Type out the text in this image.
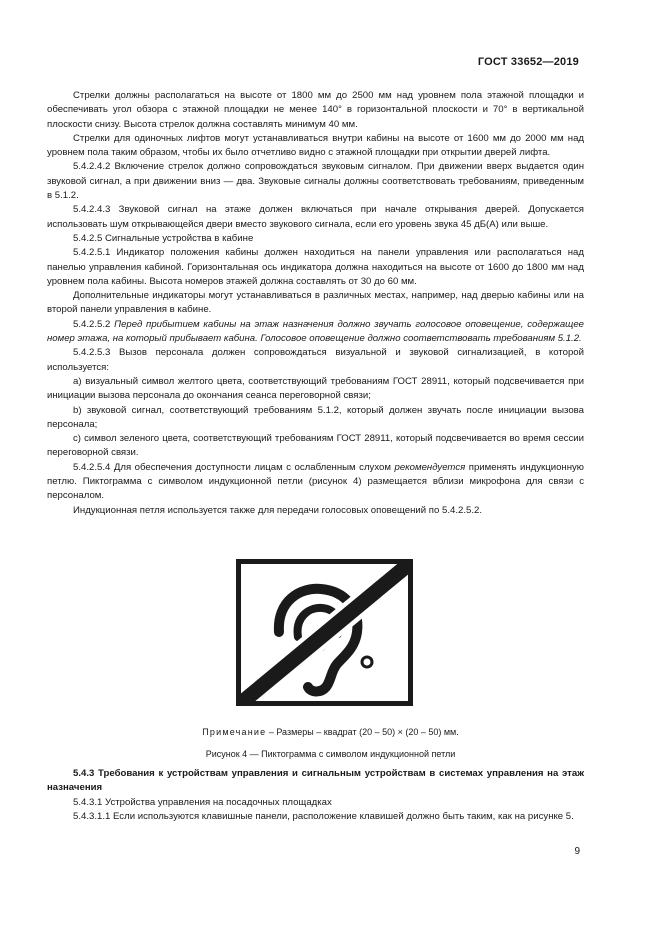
ГОСТ 33652—2019

Стрелки должны располагаться на высоте от 1800 мм до 2500 мм над уровнем пола этажной площадки и обеспечивать угол обзора с этажной площадки не менее 140° в горизонтальной плоскости и 70° в вертикальной плоскости снизу. Высота стрелок должна составлять минимум 40 мм.

Стрелки для одиночных лифтов могут устанавливаться внутри кабины на высоте от 1600 мм до 2000 мм над уровнем пола таким образом, чтобы их было отчетливо видно с этажной площадки при открытии дверей лифта.

5.4.2.4.2 Включение стрелок должно сопровождаться звуковым сигналом. При движении вверх выдается один звуковой сигнал, а при движении вниз — два. Звуковые сигналы должны соответствовать требованиям, приведенным в 5.1.2.

5.4.2.4.3 Звуковой сигнал на этаже должен включаться при начале открывания дверей. Допускается использовать шум открывающейся двери вместо звукового сигнала, если его уровень звука 45 дБ(А) или выше.

5.4.2.5 Сигнальные устройства в кабине

5.4.2.5.1 Индикатор положения кабины должен находиться на панели управления или располагаться над панелью управления кабиной. Горизонтальная ось индикатора должна находиться на высоте от 1600 до 1800 мм над уровнем пола кабины. Высота номеров этажей должна составлять от 30 до 60 мм.

Дополнительные индикаторы могут устанавливаться в различных местах, например, над дверью кабины или на второй панели управления в кабине.

5.4.2.5.2 Перед прибытием кабины на этаж назначения должно звучать голосовое оповещение, содержащее номер этажа, на который прибывает кабина. Голосовое оповещение должно соответствовать требованиям 5.1.2.

5.4.2.5.3 Вызов персонала должен сопровождаться визуальной и звуковой сигнализацией, в которой используется:

а) визуальный символ желтого цвета, соответствующий требованиям ГОСТ 28911, который подсвечивается при инициации вызова персонала до окончания сеанса переговорной связи;

b) звуковой сигнал, соответствующий требованиям 5.1.2, который должен звучать после инициации вызова персонала;

с) символ зеленого цвета, соответствующий требованиям ГОСТ 28911, который подсвечивается во время сессии переговорной связи.

5.4.2.5.4 Для обеспечения доступности лицам с ослабленным слухом рекомендуется применять индукционную петлю. Пиктограмма с символом индукционной петли (рисунок 4) размещается вблизи микрофона для связи с персоналом.

Индукционная петля используется также для передачи голосовых оповещений по 5.4.2.5.2.

Примечание – Размеры – квадрат (20 – 50) × (20 – 50) мм.
Рисунок 4 — Пиктограмма с символом индукционной петли

5.4.3 Требования к устройствам управления и сигнальным устройствам в системах управления на этаж назначения

5.4.3.1 Устройства управления на посадочных площадках

5.4.3.1.1 Если используются клавишные панели, расположение клавишей должно быть таким, как на рисунке 5.

9
